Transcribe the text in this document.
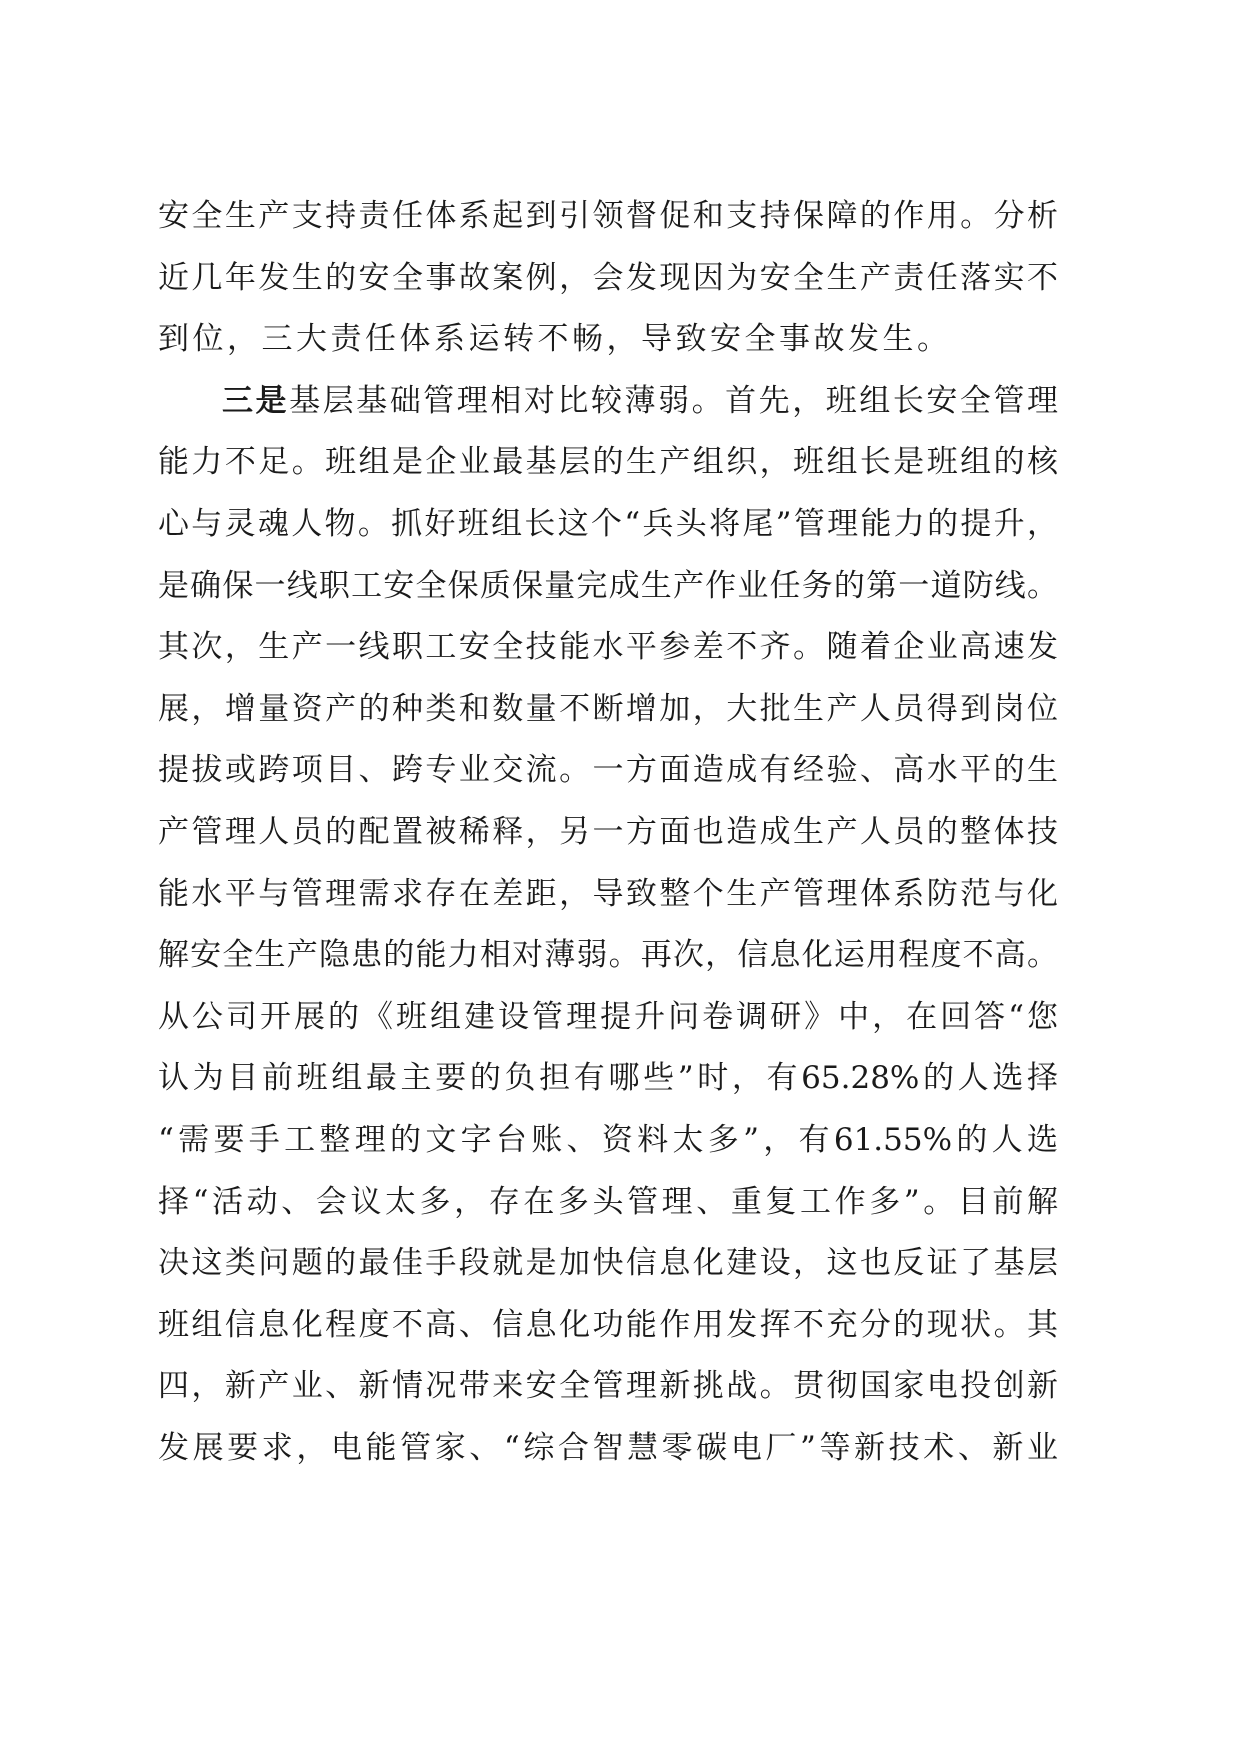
安全生产支持责任体系起到引领督促和支持保障的作用。分析
近几年发生的安全事故案例，会发现因为安全生产责任落实不
到位，三大责任体系运转不畅，导致安全事故发生。
三是基层基础管理相对比较薄弱。首先，班组长安全管理
能力不足。班组是企业最基层的生产组织，班组长是班组的核
心与灵魂人物。抓好班组长这个“兵头将尾”管理能力的提升，
是确保一线职工安全保质保量完成生产作业任务的第一道防线。
其次，生产一线职工安全技能水平参差不齐。随着企业高速发
展，增量资产的种类和数量不断增加，大批生产人员得到岗位
提拔或跨项目、跨专业交流。一方面造成有经验、高水平的生
产管理人员的配置被稀释，另一方面也造成生产人员的整体技
能水平与管理需求存在差距，导致整个生产管理体系防范与化
解安全生产隐患的能力相对薄弱。再次，信息化运用程度不高。
从公司开展的《班组建设管理提升问卷调研》中，在回答“您
认为目前班组最主要的负担有哪些”时，有65.28%的人选择
“需要手工整理的文字台账、资料太多”，有61.55%的人选
择“活动、会议太多，存在多头管理、重复工作多”。目前解
决这类问题的最佳手段就是加快信息化建设，这也反证了基层
班组信息化程度不高、信息化功能作用发挥不充分的现状。其
四，新产业、新情况带来安全管理新挑战。贯彻国家电投创新
发展要求，电能管家、“综合智慧零碳电厂”等新技术、新业
